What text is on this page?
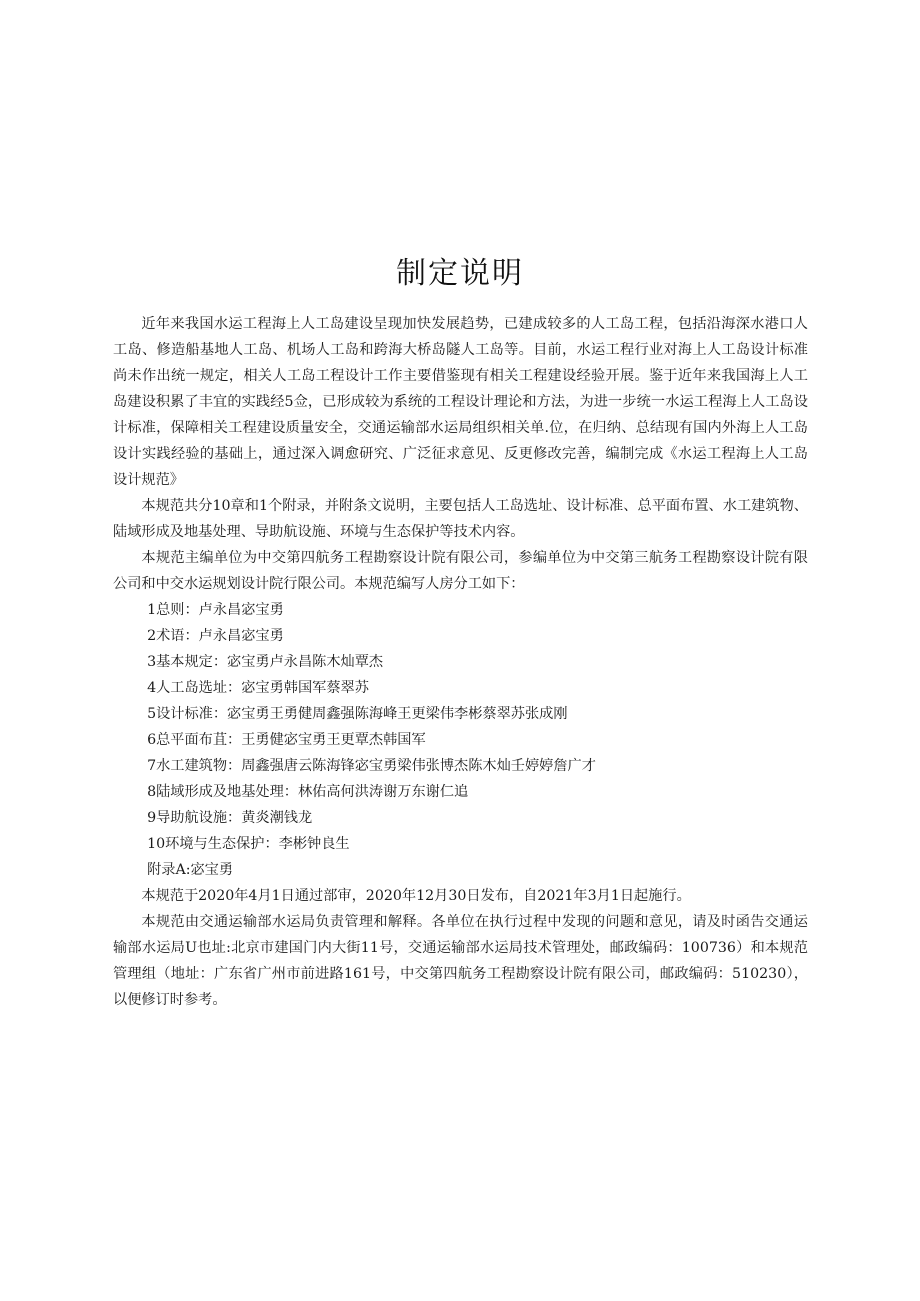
制定说明

近年来我国水运工程海上人工岛建设呈现加快发展趋势，已建成较多的人工岛工程，包括沿海深水港口人工岛、修造船基地人工岛、机场人工岛和跨海大桥岛隧人工岛等。目前，水运工程行业对海上人工岛设计标准尚未作出统一规定，相关人工岛工程设计工作主要借鉴现有相关工程建设经验开展。鉴于近年来我国海上人工岛建设积累了丰宜的实践经5佥，已形成较为系统的工程设计理论和方法，为进一步统一水运工程海上人工岛设计标准，保障相关工程建设质量安全，交通运输部水运局组织相关单.位，在归纳、总结现有国内外海上人工岛设计实践经验的基础上，通过深入调愈研究、广泛征求意见、反更修改完善，编制完成《水运工程海上人工岛设计规范》

本规范共分10章和1个附录，并附条文说明，主要包括人工岛选址、设计标准、总平面布置、水工建筑物、陆域形成及地基处理、导助航设施、环境与生态保护等技术内容。

本规范主编单位为中交第四航务工程勘察设计院有限公司，参编单位为中交第三航务工程勘察设计院有限公司和中交水运规划设计院行限公司。本规范编写人房分工如下：

1总则：卢永昌宓宝勇

2术语：卢永昌宓宝勇

3基本规定：宓宝勇卢永昌陈木灿覃杰

4人工岛选址：宓宝勇韩国军蔡翠苏

5设计标准：宓宝勇王勇健周鑫强陈海峰王更梁伟李彬蔡翠苏张成刚

6总平面布苴：王勇健宓宝勇王更覃杰韩国军

7水工建筑物：周鑫强唐云陈海锋宓宝勇梁伟张博杰陈木灿壬婷婷詹广才

8陆域形成及地基处理：林佑高何洪涛谢万东谢仁追

9导助航设施：黄炎潮钱龙

10环境与生态保护：李彬钟良生

附录A:宓宝勇

本规范于2020年4月1日通过部审，2020年12月30日发布，自2021年3月1日起施行。

本规范由交通运输部水运局负责管理和解释。各单位在执行过程中发现的问题和意见，请及时函告交通运输部水运局U也址:北京市建国门内大街11号，交通运输部水运局技术管理处，邮政编码：100736）和本规范管理组（地址：广东省广州市前进路161号，中交第四航务工程勘察设计院有限公司，邮政编码：510230），以便修订时参考。
